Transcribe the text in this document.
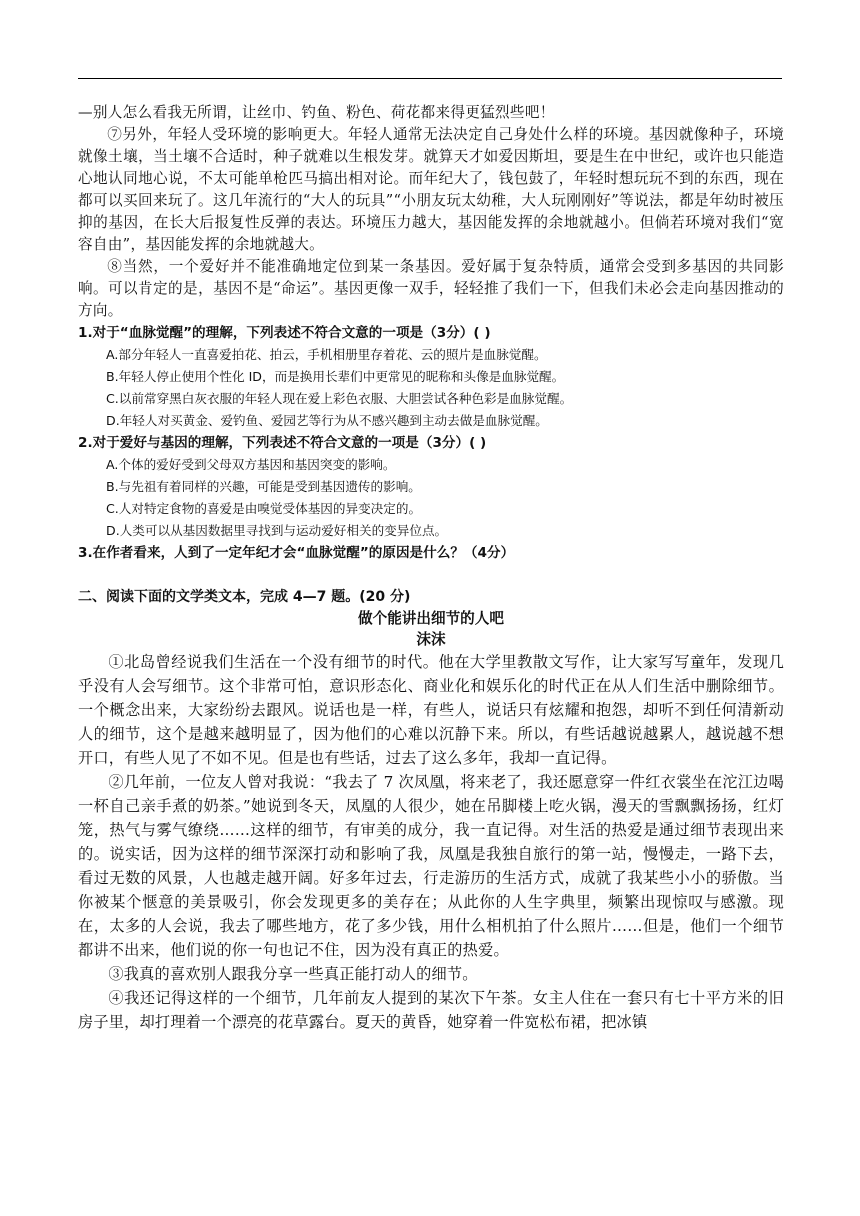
—别人怎么看我无所谓，让丝巾、钓鱼、粉色、荷花都来得更猛烈些吧！

⑦另外，年轻人受环境的影响更大。年轻人通常无法决定自己身处什么样的环境。基因就像种子，环境就像土壤，当土壤不合适时，种子就难以生根发芽。就算天才如爱因斯坦，要是生在中世纪，或许也只能造心地认同地心说，不太可能单枪匹马搞出相对论。而年纪大了，钱包鼓了，年轻时想玩玩不到的东西，现在都可以买回来玩了。这几年流行的“大人的玩具”“小朋友玩太幼稚，大人玩刚刚好”等说法，都是年幼时被压抑的基因，在长大后报复性反弹的表达。环境压力越大，基因能发挥的余地就越小。但倘若环境对我们“宽容自由”，基因能发挥的余地就越大。

⑧当然，一个爱好并不能准确地定位到某一条基因。爱好属于复杂特质，通常会受到多基因的共同影响。可以肯定的是，基因不是“命运”。基因更像一双手，轻轻推了我们一下，但我们未必会走向基因推动的方向。

1.对于“血脉觉醒”的理解，下列表述不符合文意的一项是（3分）( )

A.部分年轻人一直喜爱拍花、拍云，手机相册里存着花、云的照片是血脉觉醒。

B.年轻人停止使用个性化 ID，而是换用长辈们中更常见的昵称和头像是血脉觉醒。

C.以前常穿黑白灰衣服的年轻人现在爱上彩色衣服、大胆尝试各种色彩是血脉觉醒。

D.年轻人对买黄金、爱钓鱼、爱园艺等行为从不感兴趣到主动去做是血脉觉醒。

2.对于爱好与基因的理解，下列表述不符合文意的一项是（3分）( )

A.个体的爱好受到父母双方基因和基因突变的影响。

B.与先祖有着同样的兴趣，可能是受到基因遗传的影响。

C.人对特定食物的喜爱是由嗅觉受体基因的异变决定的。

D.人类可以从基因数据里寻找到与运动爱好相关的变异位点。

3.在作者看来，人到了一定年纪才会“血脉觉醒”的原因是什么？（4分）

二、阅读下面的文学类文本，完成 4—7 题。(20 分)

做个能讲出细节的人吧

沫沫

①北岛曾经说我们生活在一个没有细节的时代。他在大学里教散文写作，让大家写写童年，发现几乎没有人会写细节。这个非常可怕，意识形态化、商业化和娱乐化的时代正在从人们生活中删除细节。一个概念出来，大家纷纷去跟风。说话也是一样，有些人，说话只有炫耀和抱怨，却听不到任何清新动人的细节，这个是越来越明显了，因为他们的心难以沉静下来。所以，有些话越说越累人，越说越不想开口，有些人见了不如不见。但是也有些话，过去了这么多年，我却一直记得。

②几年前，一位友人曾对我说：“我去了 7 次凤凰，将来老了，我还愿意穿一件红衣裳坐在沱江边喝一杯自己亲手煮的奶茶。”她说到冬天，凤凰的人很少，她在吊脚楼上吃火锅，漫天的雪飘飘扬扬，红灯笼，热气与雾气缭绕……这样的细节，有审美的成分，我一直记得。对生活的热爱是通过细节表现出来的。说实话，因为这样的细节深深打动和影响了我，凤凰是我独自旅行的第一站，慢慢走，一路下去，看过无数的风景，人也越走越开阔。好多年过去，行走游历的生活方式，成就了我某些小小的骄傲。当你被某个惬意的美景吸引，你会发现更多的美存在；从此你的人生字典里，频繁出现惊叹与感激。现在，太多的人会说，我去了哪些地方，花了多少钱，用什么相机拍了什么照片……但是，他们一个细节都讲不出来，他们说的你一句也记不住，因为没有真正的热爱。

③我真的喜欢别人跟我分享一些真正能打动人的细节。

④我还记得这样的一个细节，几年前友人提到的某次下午茶。女主人住在一套只有七十平方米的旧房子里，却打理着一个漂亮的花草露台。夏天的黄昏，她穿着一件宽松布裙，把冰镇
